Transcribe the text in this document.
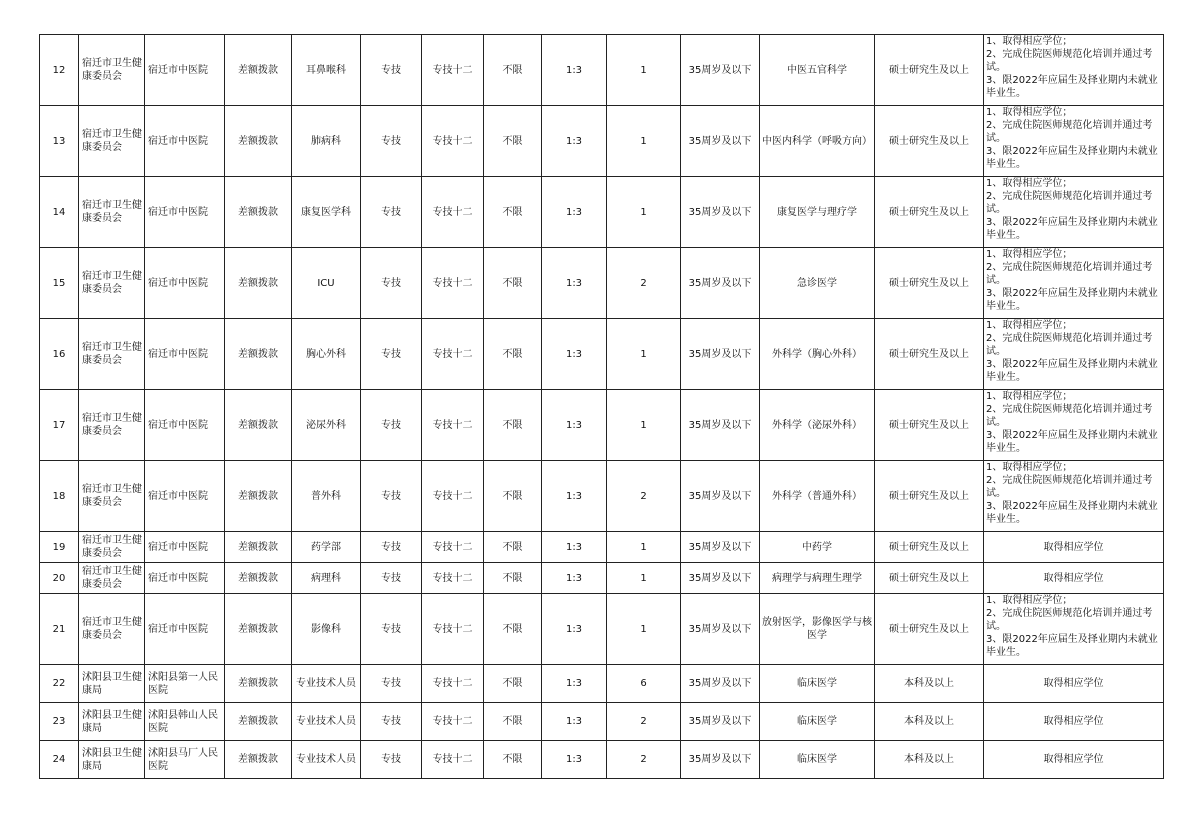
12	宿迁市卫生健康委员会	宿迁市中医院	差额拨款	耳鼻喉科	专技	专技十二	不限	1:3	1	35周岁及以下	中医五官科学	硕士研究生及以上	1、取得相应学位；
2、完成住院医师规范化培训并通过考试。
3、限2022年应届生及择业期内未就业毕业生。

13	宿迁市卫生健康委员会	宿迁市中医院	差额拨款	肺病科	专技	专技十二	不限	1:3	1	35周岁及以下	中医内科学（呼吸方向）	硕士研究生及以上	1、取得相应学位；
2、完成住院医师规范化培训并通过考试。
3、限2022年应届生及择业期内未就业毕业生。

14	宿迁市卫生健康委员会	宿迁市中医院	差额拨款	康复医学科	专技	专技十二	不限	1:3	1	35周岁及以下	康复医学与理疗学	硕士研究生及以上	1、取得相应学位；
2、完成住院医师规范化培训并通过考试。
3、限2022年应届生及择业期内未就业毕业生。

15	宿迁市卫生健康委员会	宿迁市中医院	差额拨款	ICU	专技	专技十二	不限	1:3	2	35周岁及以下	急诊医学	硕士研究生及以上	1、取得相应学位；
2、完成住院医师规范化培训并通过考试。
3、限2022年应届生及择业期内未就业毕业生。

16	宿迁市卫生健康委员会	宿迁市中医院	差额拨款	胸心外科	专技	专技十二	不限	1:3	1	35周岁及以下	外科学（胸心外科）	硕士研究生及以上	1、取得相应学位；
2、完成住院医师规范化培训并通过考试。
3、限2022年应届生及择业期内未就业毕业生。

17	宿迁市卫生健康委员会	宿迁市中医院	差额拨款	泌尿外科	专技	专技十二	不限	1:3	1	35周岁及以下	外科学（泌尿外科）	硕士研究生及以上	1、取得相应学位；
2、完成住院医师规范化培训并通过考试。
3、限2022年应届生及择业期内未就业毕业生。

18	宿迁市卫生健康委员会	宿迁市中医院	差额拨款	普外科	专技	专技十二	不限	1:3	2	35周岁及以下	外科学（普通外科）	硕士研究生及以上	1、取得相应学位；
2、完成住院医师规范化培训并通过考试。
3、限2022年应届生及择业期内未就业毕业生。

19	宿迁市卫生健康委员会	宿迁市中医院	差额拨款	药学部	专技	专技十二	不限	1:3	1	35周岁及以下	中药学	硕士研究生及以上	取得相应学位

20	宿迁市卫生健康委员会	宿迁市中医院	差额拨款	病理科	专技	专技十二	不限	1:3	1	35周岁及以下	病理学与病理生理学	硕士研究生及以上	取得相应学位

21	宿迁市卫生健康委员会	宿迁市中医院	差额拨款	影像科	专技	专技十二	不限	1:3	1	35周岁及以下	放射医学，影像医学与核医学	硕士研究生及以上	1、取得相应学位；
2、完成住院医师规范化培训并通过考试。
3、限2022年应届生及择业期内未就业毕业生。

22	沭阳县卫生健康局	沭阳县第一人民医院	差额拨款	专业技术人员	专技	专技十二	不限	1:3	6	35周岁及以下	临床医学	本科及以上	取得相应学位

23	沭阳县卫生健康局	沭阳县韩山人民医院	差额拨款	专业技术人员	专技	专技十二	不限	1:3	2	35周岁及以下	临床医学	本科及以上	取得相应学位

24	沭阳县卫生健康局	沭阳县马厂人民医院	差额拨款	专业技术人员	专技	专技十二	不限	1:3	2	35周岁及以下	临床医学	本科及以上	取得相应学位
